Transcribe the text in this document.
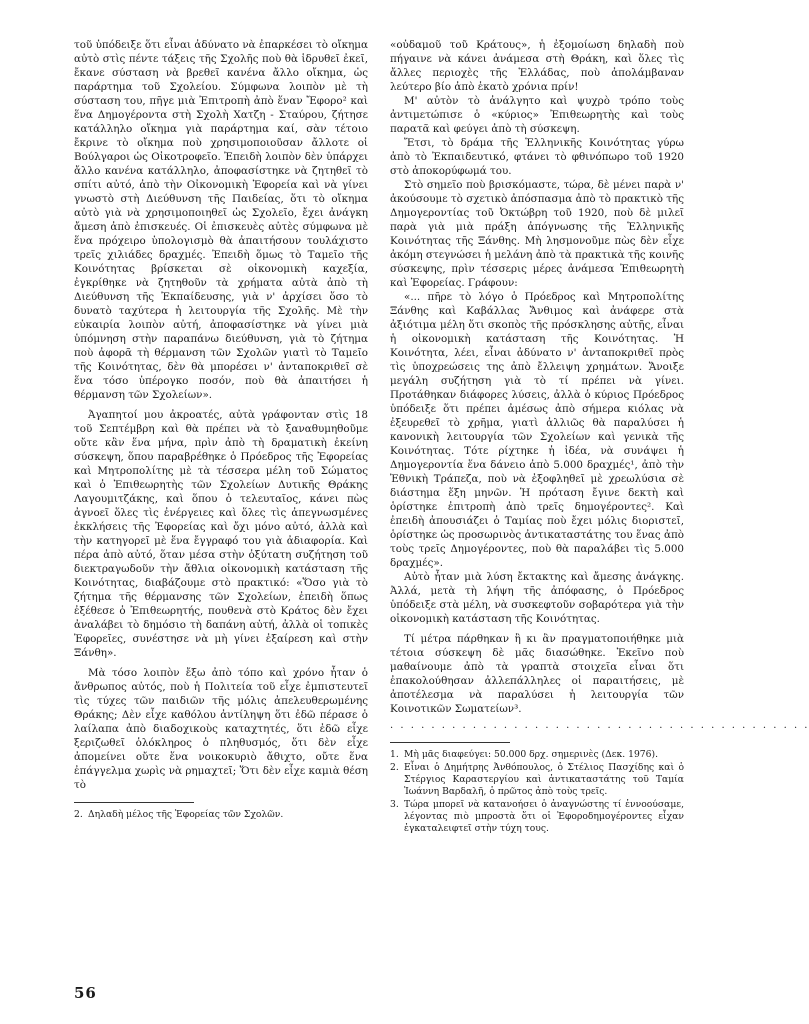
τοῦ ὑπόδειξε ὅτι εἶναι ἀδύνατο νὰ ἐπαρκέσει τὸ οἴκημα αὐτὸ στὶς πέντε τάξεις τῆς Σχολῆς ποὺ θὰ ἱδρυθεῖ ἐκεῖ, ἔκανε σύσταση νὰ βρεθεῖ κανένα ἄλλο οἴκημα, ὡς παράρτημα τοῦ Σχολείου. Σύμφωνα λοιπὸν μὲ τὴ σύσταση του, πῆγε μιὰ Ἐπιτροπὴ ἀπὸ ἕναν Ἔφορο² καὶ ἕνα Δημογέροντα στὴ Σχολὴ Χατζη - Σταύρου, ζήτησε κατάλληλο οἴκημα γιὰ παράρτημα καί, σὰν τέτοιο ἔκρινε τὸ οἴκημα ποὺ χρησιμοποιοῦσαν ἄλλοτε οἱ Βούλγαροι ὡς Οἰκοτροφεῖο. Ἐπειδὴ λοιπὸν δὲν ὑπάρχει ἄλλο κανένα κατάλληλο, ἀποφασίστηκε νὰ ζητηθεῖ τὸ σπίτι αὐτό, ἀπὸ τὴν Οἰκονομικὴ Ἐφορεία καὶ νὰ γίνει γνωστὸ στὴ Διεύθυνση τῆς Παιδείας, ὅτι τὸ οἴκημα αὐτὸ γιὰ νὰ χρησιμοποιηθεῖ ὡς Σχολεῖο, ἔχει ἀνάγκη ἄμεση ἀπὸ ἐπισκευές. Οἱ ἐπισκευὲς αὐτὲς σύμφωνα μὲ ἕνα πρόχειρο ὑπολογισμὸ θὰ ἀπαιτήσουν τουλάχιστο τρεῖς χιλιάδες δραχμές. Ἐπειδὴ ὅμως τὸ Ταμεῖο τῆς Κοινότητας βρίσκεται σὲ οἰκονομικὴ καχεξία, ἐγκρίθηκε νὰ ζητηθοῦν τὰ χρήματα αὐτὰ ἀπὸ τὴ Διεύθυνση τῆς Ἐκπαίδευσης, γιὰ ν' ἀρχίσει ὅσο τὸ δυνατὸ ταχύτερα ἡ λειτουργία τῆς Σχολῆς. Μὲ τὴν εὐκαιρία λοιπὸν αὐτή, ἀποφασίστηκε νὰ γίνει μιὰ ὑπόμνηση στὴν παραπάνω διεύθυνση, γιὰ τὸ ζήτημα ποὺ ἀφορᾶ τὴ θέρμανση τῶν Σχολῶν γιατὶ τὸ Ταμεῖο τῆς Κοινότητας, δὲν θὰ μπορέσει ν' ἀνταποκριθεῖ σὲ ἕνα τόσο ὑπέρογκο ποσόν, ποὺ θὰ ἀπαιτήσει ἡ θέρμανση τῶν Σχολείων».

Ἀγαπητοί μου ἀκροατές, αὐτὰ γράφονταν στὶς 18 τοῦ Σεπτέμβρη καὶ θὰ πρέπει νὰ τὸ ξαναθυμηθοῦμε οὔτε κἂν ἕνα μήνα, πρὶν ἀπὸ τὴ δραματικὴ ἐκείνη σύσκεψη, ὅπου παραβρέθηκε ὁ Πρόεδρος τῆς Ἐφορείας καὶ Μητροπολίτης μὲ τὰ τέσσερα μέλη τοῦ Σώματος καὶ ὁ Ἐπιθεωρητὴς τῶν Σχολείων Δυτικῆς Θράκης Λαγουμιτζάκης, καὶ ὅπου ὁ τελευταῖος, κάνει πὼς ἀγνοεῖ ὅλες τὶς ἐνέργειες καὶ ὅλες τὶς ἀπεγνωσμένες ἐκκλήσεις τῆς Ἐφορείας καὶ ὄχι μόνο αὐτό, ἀλλὰ καὶ τὴν κατηγορεῖ μὲ ἕνα ἔγγραφό του γιὰ ἀδιαφορία. Καὶ πέρα ἀπὸ αὐτό, ὅταν μέσα στὴν ὀξύτατη συζήτηση τοῦ διεκτραγωδοῦν τὴν ἄθλια οἰκονομικὴ κατάσταση τῆς Κοινότητας, διαβάζουμε στὸ πρακτικό: «Ὅσο γιὰ τὸ ζήτημα τῆς θέρμανσης τῶν Σχολείων, ἐπειδὴ ὅπως ἐξέθεσε ὁ Ἐπιθεωρητής, πουθενὰ στὸ Κράτος δὲν ἔχει ἀναλάβει τὸ δημόσιο τὴ δαπάνη αὐτή, ἀλλὰ οἱ τοπικὲς Ἐφορεῖες, συνέστησε νὰ μὴ γίνει ἐξαίρεση καὶ στὴν Ξάνθη».

Μὰ τόσο λοιπὸν ἔξω ἀπὸ τόπο καὶ χρόνο ἦταν ὁ ἄνθρωπος αὐτός, ποὺ ἡ Πολιτεία τοῦ εἶχε ἐμπιστευτεῖ τὶς τύχες τῶν παιδιῶν τῆς μόλις ἀπελευθερωμένης Θράκης; Δὲν εἶχε καθόλου ἀντίληψη ὅτι ἐδῶ πέρασε ὁ λαίλαπα ἀπὸ διαδοχικοὺς καταχτητές, ὅτι ἐδῶ εἶχε ξεριζωθεῖ ὁλόκληρος ὁ πληθυσμός, ὅτι δὲν εἶχε ἀπομείνει οὔτε ἕνα νοικοκυριὸ ἄθιχτο, οὔτε ἕνα ἐπάγγελμα χωρὶς νὰ ρημαχτεῖ; Ὅτι δὲν εἶχε καμιὰ θέση τὸ

2. Δηλαδὴ μέλος τῆς Ἐφορείας τῶν Σχολῶν.

«οὐδαμοῦ τοῦ Κράτους», ἡ ἐξομοίωση δηλαδὴ ποὺ πήγαινε νὰ κάνει ἀνάμεσα στὴ Θράκη, καὶ ὅλες τὶς ἄλλες περιοχὲς τῆς Ἑλλάδας, ποὺ ἀπολάμβαναν λεύτερο βίο ἀπὸ ἑκατὸ χρόνια πρίν!

Μ' αὐτὸν τὸ ἀνάλγητο καὶ ψυχρὸ τρόπο τοὺς ἀντιμετώπισε ὁ «κύριος» Ἐπιθεωρητὴς καὶ τοὺς παρατᾶ καὶ φεύγει ἀπὸ τὴ σύσκεψη.

Ἔτσι, τὸ δράμα τῆς Ἑλληνικῆς Κοινότητας γύρω ἀπὸ τὸ Ἐκπαιδευτικό, φτάνει τὸ φθινόπωρο τοῦ 1920 στὸ ἀποκορύφωμά του.

Στὸ σημεῖο ποὺ βρισκόμαστε, τώρα, δὲ μένει παρὰ ν' ἀκούσουμε τὸ σχετικὸ ἀπόσπασμα ἀπὸ τὸ πρακτικὸ τῆς Δημογεροντίας τοῦ Ὀκτώβρη τοῦ 1920, ποὺ δὲ μιλεῖ παρὰ γιὰ μιὰ πράξη ἀπόγνωσης τῆς Ἑλληνικῆς Κοινότητας τῆς Ξάνθης. Μὴ λησμονοῦμε πὼς δὲν εἶχε ἀκόμη στεγνώσει ἡ μελάνη ἀπὸ τὰ πρακτικὰ τῆς κοινῆς σύσκεψης, πρὶν τέσσερις μέρες ἀνάμεσα Ἐπιθεωρητὴ καὶ Ἐφορείας. Γράφουν:

«... πῆρε τὸ λόγο ὁ Πρόεδρος καὶ Μητροπολίτης Ξάνθης καὶ Καβάλλας Ἄνθιμος καὶ ἀνάφερε στὰ ἀξιότιμα μέλη ὅτι σκοπὸς τῆς πρόσκλησης αὐτῆς, εἶναι ἡ οἰκονομικὴ κατάσταση τῆς Κοινότητας. Ἡ Κοινότητα, λέει, εἶναι ἀδύνατο ν' ἀνταποκριθεῖ πρὸς τὶς ὑποχρεώσεις της ἀπὸ ἔλλειψη χρημάτων. Ἄνοιξε μεγάλη συζήτηση γιὰ τὸ τί πρέπει νὰ γίνει. Προτάθηκαν διάφορες λύσεις, ἀλλὰ ὁ κύριος Πρόεδρος ὑπόδειξε ὅτι πρέπει ἀμέσως ἀπὸ σήμερα κιόλας νὰ ἐξευρεθεῖ τὸ χρῆμα, γιατὶ ἀλλιῶς θὰ παραλύσει ἡ κανονικὴ λειτουργία τῶν Σχολείων καὶ γενικὰ τῆς Κοινότητας. Τότε ρίχτηκε ἡ ἰδέα, νὰ συνάψει ἡ Δημογεροντία ἕνα δάνειο ἀπὸ 5.000 δραχμές¹, ἀπὸ τὴν Ἐθνικὴ Τράπεζα, ποὺ νὰ ἐξοφληθεῖ μὲ χρεωλύσια σὲ διάστημα ἕξη μηνῶν. Ἡ πρόταση ἔγινε δεκτὴ καὶ ὁρίστηκε ἐπιτροπὴ ἀπὸ τρεῖς δημογέροντες². Καὶ ἐπειδὴ ἀπουσιάζει ὁ Ταμίας ποὺ ἔχει μόλις διοριστεῖ, ὁρίστηκε ὡς προσωρινὸς ἀντικαταστάτης του ἕνας ἀπὸ τοὺς τρεῖς Δημογέροντες, ποὺ θὰ παραλάβει τὶς 5.000 δραχμές».

Αὐτὸ ἦταν μιὰ λύση ἔκτακτης καὶ ἄμεσης ἀνάγκης. Ἀλλά, μετὰ τὴ λήψη τῆς ἀπόφασης, ὁ Πρόεδρος ὑπόδειξε στὰ μέλη, νὰ συσκεφτοῦν σοβαρότερα γιὰ τὴν οἰκονομικὴ κατάσταση τῆς Κοινότητας.

Τί μέτρα πάρθηκαν ἢ κι ἂν πραγματοποιήθηκε μιὰ τέτοια σύσκεψη δὲ μᾶς διασώθηκε. Ἐκεῖνο ποὺ μαθαίνουμε ἀπὸ τὰ γραπτὰ στοιχεῖα εἶναι ὅτι ἐπακολούθησαν ἀλλεπάλληλες οἱ παραιτήσεις, μὲ ἀποτέλεσμα νὰ παραλύσει ἡ λειτουργία τῶν Κοινοτικῶν Σωματείων³.

. . . . . . . . . . . . . . . . . . . . . . . . . . . . . . . . . . . . . . . . .
1. Μὴ μᾶς διαφεύγει: 50.000 δρχ. σημερινὲς (Δεκ. 1976).
2. Εἶναι ὁ Δημήτρης Ἀνθόπουλος, ὁ Στέλιος Πασχίδης καὶ ὁ Στέργιος Καραστεργίου καὶ ἀντικαταστάτης τοῦ Ταμία Ἰωάννη Βαρδαλῆ, ὁ πρῶτος ἀπὸ τοὺς τρεῖς.
3. Τώρα μπορεῖ νὰ κατανοήσει ὁ ἀναγνώστης τί ἐννοούσαμε, λέγοντας πιὸ μπροστὰ ὅτι οἱ Ἐφοροδημογέροντες εἶχαν ἐγκαταλειφτεῖ στὴν τύχη τους.
56
